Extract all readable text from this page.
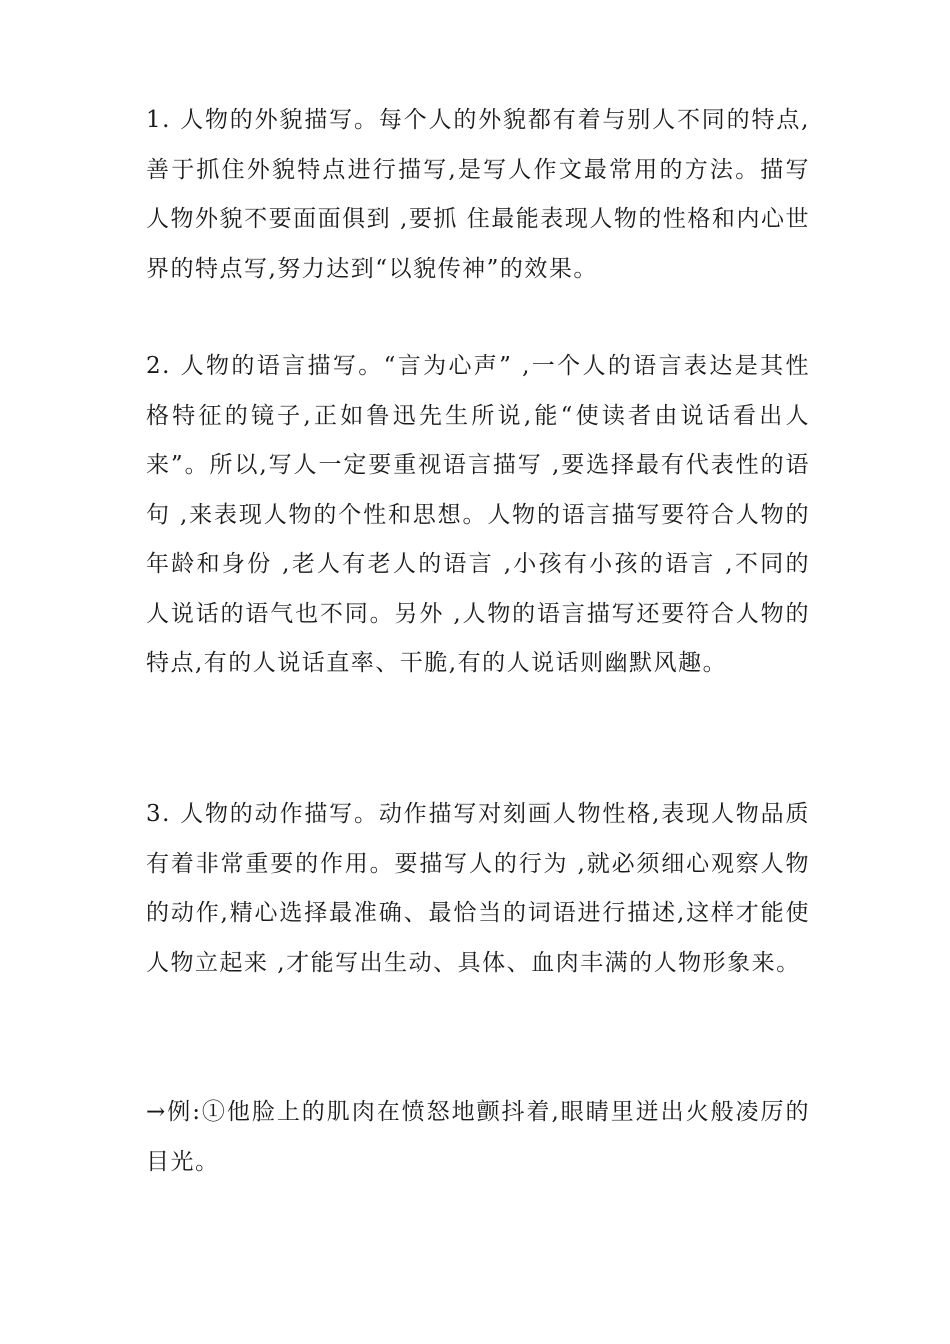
1. 人物的外貌描写。每个人的外貌都有着与别人不同的特点,善于抓住外貌特点进行描写,是写人作文最常用的方法。描写人物外貌不要面面俱到 ,要抓 住最能表现人物的性格和内心世界的特点写,努力达到“以貌传神”的效果。

2. 人物的语言描写。“言为心声” ,一个人的语言表达是其性格特征的镜子,正如鲁迅先生所说,能“使读者由说话看出人来”。所以,写人一定要重视语言描写 ,要选择最有代表性的语句 ,来表现人物的个性和思想。人物的语言描写要符合人物的年龄和身份 ,老人有老人的语言 ,小孩有小孩的语言 ,不同的人说话的语气也不同。另外 ,人物的语言描写还要符合人物的特点,有的人说话直率、干脆,有的人说话则幽默风趣。

3. 人物的动作描写。动作描写对刻画人物性格,表现人物品质有着非常重要的作用。要描写人的行为 ,就必须细心观察人物的动作,精心选择最准确、最恰当的词语进行描述,这样才能使人物立起来 ,才能写出生动、具体、血肉丰满的人物形象来。

→例:①他脸上的肌肉在愤怒地颤抖着,眼睛里迸出火般凌厉的目光。
